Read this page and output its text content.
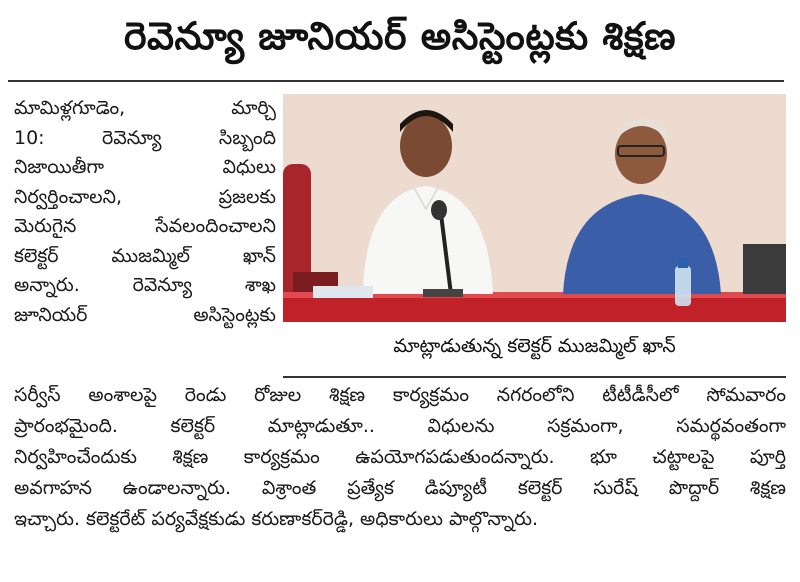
రెవెన్యూ జూనియర్ అసిస్టెంట్లకు శిక్షణ
మామిళ్లగూడెం, మార్చి
10: రెవెన్యూ సిబ్బంది
నిజాయితీగా విధులు
నిర్వర్తించాలని, ప్రజలకు
మెరుగైన సేవలందించాలని
కలెక్టర్ ముజమ్మిల్ ఖాన్
అన్నారు. రెవెన్యూ శాఖ
జూనియర్ అసిస్టెంట్లకు
మాట్లాడుతున్న కలెక్టర్ ముజమ్మిల్ ఖాన్
సర్వీస్ అంశాలపై రెండు రోజుల శిక్షణ కార్యక్రమం నగరంలోని టీటీడీసీలో సోమవారం
ప్రారంభమైంది. కలెక్టర్ మాట్లాడుతూ.. విధులను సక్రమంగా, సమర్థవంతంగా
నిర్వహించేందుకు శిక్షణ కార్యక్రమం ఉపయోగపడుతుందన్నారు. భూ చట్టాలపై పూర్తి
అవగాహన ఉండాలన్నారు. విశ్రాంత ప్రత్యేక డిప్యూటీ కలెక్టర్ సురేష్ పొద్దార్ శిక్షణ
ఇచ్చారు. కలెక్టరేట్ పర్యవేక్షకుడు కరుణాకర్‌రెడ్డి, అధికారులు పాల్గొన్నారు.
